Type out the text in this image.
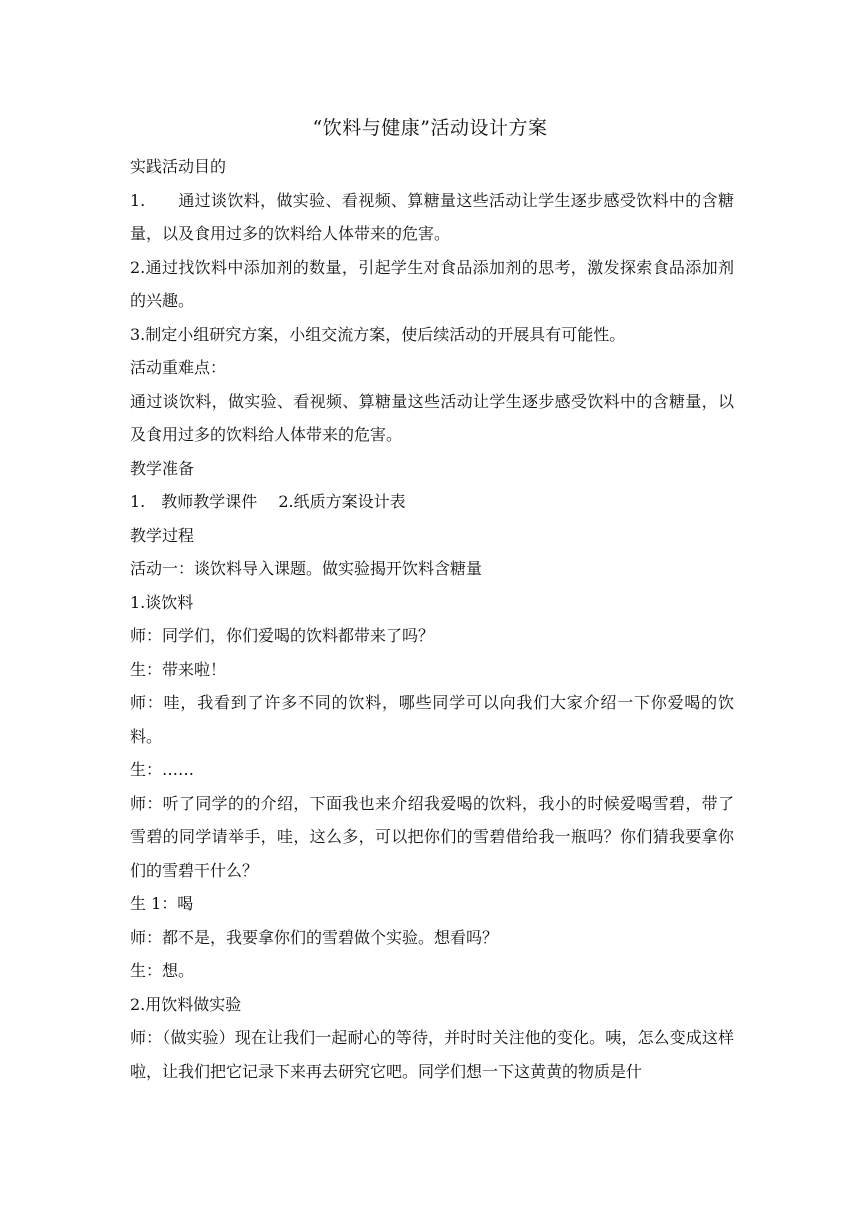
“饮料与健康”活动设计方案

实践活动目的

1.　　通过谈饮料，做实验、看视频、算糖量这些活动让学生逐步感受饮料中的含糖量，以及食用过多的饮料给人体带来的危害。

2.通过找饮料中添加剂的数量，引起学生对食品添加剂的思考，激发探索食品添加剂的兴趣。

3.制定小组研究方案，小组交流方案，使后续活动的开展具有可能性。

活动重难点：

通过谈饮料，做实验、看视频、算糖量这些活动让学生逐步感受饮料中的含糖量，以及食用过多的饮料给人体带来的危害。

教学准备

1.　教师教学课件　 2.纸质方案设计表

教学过程

活动一：谈饮料导入课题。做实验揭开饮料含糖量

1.谈饮料

师：同学们，你们爱喝的饮料都带来了吗？

生：带来啦！

师：哇，我看到了许多不同的饮料，哪些同学可以向我们大家介绍一下你爱喝的饮料。

生：……

师：听了同学的的介绍，下面我也来介绍我爱喝的饮料，我小的时候爱喝雪碧，带了雪碧的同学请举手，哇，这么多，可以把你们的雪碧借给我一瓶吗？你们猜我要拿你们的雪碧干什么？

生 1：喝

师：都不是，我要拿你们的雪碧做个实验。想看吗？

生：想。

2.用饮料做实验

师：（做实验）现在让我们一起耐心的等待，并时时关注他的变化。咦，怎么变成这样啦，让我们把它记录下来再去研究它吧。同学们想一下这黄黄的物质是什
